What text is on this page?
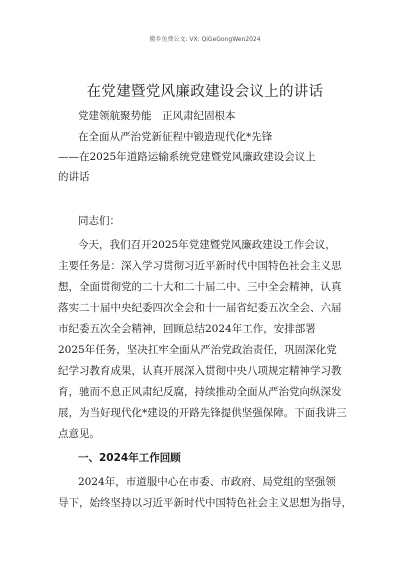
搬乡免费公文: VX: QiGeGongWen2024
在党建暨党风廉政建设会议上的讲话
党建领航聚势能　正风肃纪固根本
在全面从严治党新征程中锻造现代化*先锋
——在2025年道路运输系统党建暨党风廉政建设会议上
的讲话
同志们：
今天，我们召开2025年党建暨党风廉政建设工作会议，
主要任务是：深入学习贯彻习近平新时代中国特色社会主义思
想，全面贯彻党的二十大和二十届二中、三中全会精神，认真
落实二十届中央纪委四次全会和十一届省纪委五次全会、六届
市纪委五次全会精神，回顾总结2024年工作，安排部署
2025年任务，坚决扛牢全面从严治党政治责任，巩固深化党
纪学习教育成果，认真开展深入贯彻中央八项规定精神学习教
育，驰而不息正风肃纪反腐，持续推动全面从严治党向纵深发
展，为当好现代化*建设的开路先锋提供坚强保障。下面我讲三
点意见。
一、2024年工作回顾
2024年，市道服中心在市委、市政府、局党组的坚强领
导下，始终坚持以习近平新时代中国特色社会主义思想为指导，
